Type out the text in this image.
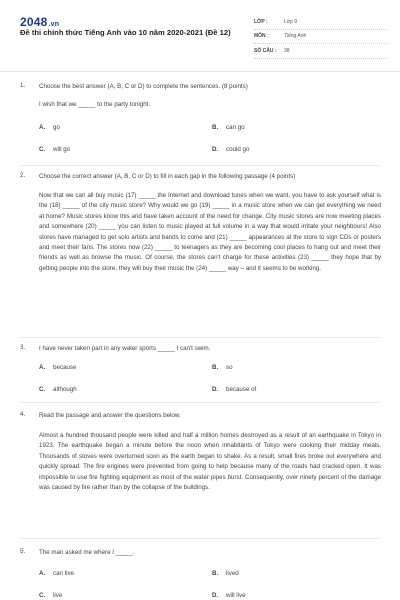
2048.vn
Đề thi chính thức Tiếng Anh vào 10 năm 2020-2021 (Đề 12)
LỚP :	Lớp 9
MÔN :	Tiếng Anh
SỐ CÂU :	38
1. Choose the best answer (A, B, C or D) to complete the sentences. (8 points)
I wish that we _____ to the party tonight.
A. go	B. can go
C. will go	D. could go
2. Choose the correct answer (A, B, C or D) to fill in each gap in the following passage (4 points)
Now that we can all buy music (17) _____ the Internet and download tunes when we want, you have to ask yourself what is the (18) _____ of the city music store? Why would we go (19) _____ in a music store when we can get everything we need at home? Music stores know this and have taken account of the need for change. City music stores are now meeting places and somewhere (20) _____ you can listen to music played at full volume in a way that would irritate your neighbours! Also stores have managed to get solo artists and bands to come and (21) _____ appearances at the store to sign CDs or posters and meet their fans. The stores now (22) _____ to teenagers as they are becoming cool places to hang out and meet their friends as well as browse the music. Of course, the stores can't charge for these activities (23) _____ they hope that by getting people into the store, they will buy their music the (24) _____ way – and it seems to be working.
3. I have never taken part in any water sports _____ I can't swim.
A. because	B. so
C. although	D. because of
4. Read the passage and answer the questions below.
Almost a hundred thousand people were killed and half a million homes destroyed as a result of an earthquake in Tokyo in 1923. The earthquake began a minute before the noon when inhabitants of Tokyo were cooking their midday meals. Thousands of stoves were overturned soon as the earth began to shake. As a result, small fires broke out everywhere and quickly spread. The fire engines were prevented from going to help because many of the roads had cracked open. It was impossible to use fire fighting equipment as most of the water pipes burst. Consequently, over ninety percent of the damage was caused by fire rather than by the collapse of the buildings.
5. The man asked me where I _____.
A. can live	B. lived
C. live	D. will live
